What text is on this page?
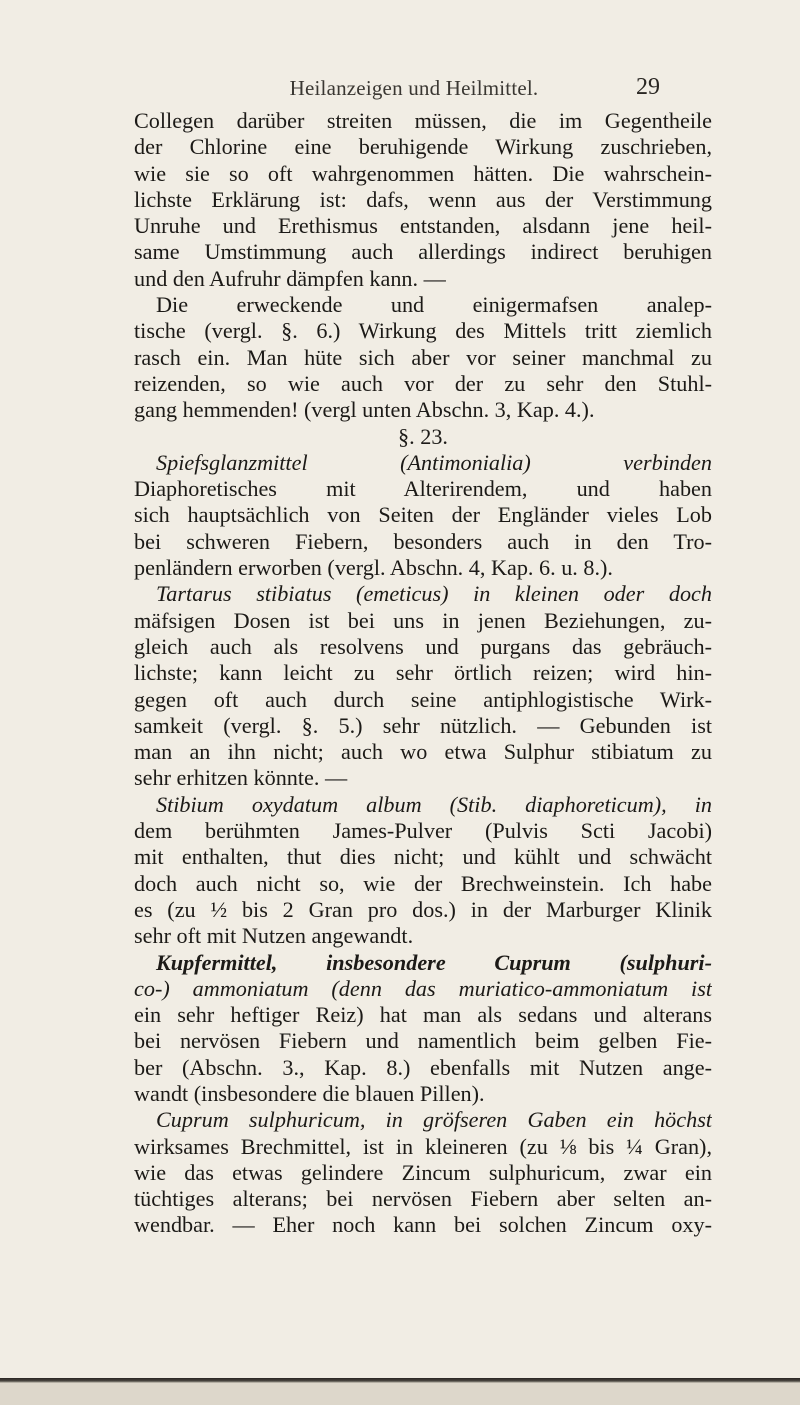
Heilanzeigen und Heilmittel.	29
Collegen darüber streiten müssen, die im Gegentheile
der Chlorine eine beruhigende Wirkung zuschrieben,
wie sie so oft wahrgenommen hätten. Die wahrschein-
lichste Erklärung ist: dafs, wenn aus der Verstimmung
Unruhe und Erethismus entstanden, alsdann jene heil-
same Umstimmung auch allerdings indirect beruhigen
und den Aufruhr dämpfen kann. —
Die erweckende und einigermafsen analep-
tische (vergl. §. 6.) Wirkung des Mittels tritt ziemlich
rasch ein. Man hüte sich aber vor seiner manchmal zu
reizenden, so wie auch vor der zu sehr den Stuhl-
gang hemmenden! (vergl unten Abschn. 3, Kap. 4.).
§. 23.
Spiefsglanzmittel (Antimonialia) verbinden
Diaphoretisches mit Alterirendem, und haben
sich hauptsächlich von Seiten der Engländer vieles Lob
bei schweren Fiebern, besonders auch in den Tro-
penländern erworben (vergl. Abschn. 4, Kap. 6. u. 8.).
Tartarus stibiatus (emeticus) in kleinen oder doch
mäfsigen Dosen ist bei uns in jenen Beziehungen, zu-
gleich auch als resolvens und purgans das gebräuch-
lichste; kann leicht zu sehr örtlich reizen; wird hin-
gegen oft auch durch seine antiphlogistische Wirk-
samkeit (vergl. §. 5.) sehr nützlich. — Gebunden ist
man an ihn nicht; auch wo etwa Sulphur stibiatum zu
sehr erhitzen könnte. —
Stibium oxydatum album (Stib. diaphoreticum), in
dem berühmten James-Pulver (Pulvis Scti Jacobi)
mit enthalten, thut dies nicht; und kühlt und schwächt
doch auch nicht so, wie der Brechweinstein. Ich habe
es (zu ½ bis 2 Gran pro dos.) in der Marburger Klinik
sehr oft mit Nutzen angewandt.
Kupfermittel, insbesondere Cuprum (sulphuri-
co-) ammoniatum (denn das muriatico-ammoniatum ist
ein sehr heftiger Reiz) hat man als sedans und alterans
bei nervösen Fiebern und namentlich beim gelben Fie-
ber (Abschn. 3., Kap. 8.) ebenfalls mit Nutzen ange-
wandt (insbesondere die blauen Pillen).
Cuprum sulphuricum, in gröfseren Gaben ein höchst
wirksames Brechmittel, ist in kleineren (zu ⅛ bis ¼ Gran),
wie das etwas gelindere Zincum sulphuricum, zwar ein
tüchtiges alterans; bei nervösen Fiebern aber selten an-
wendbar. — Eher noch kann bei solchen Zincum oxy-
